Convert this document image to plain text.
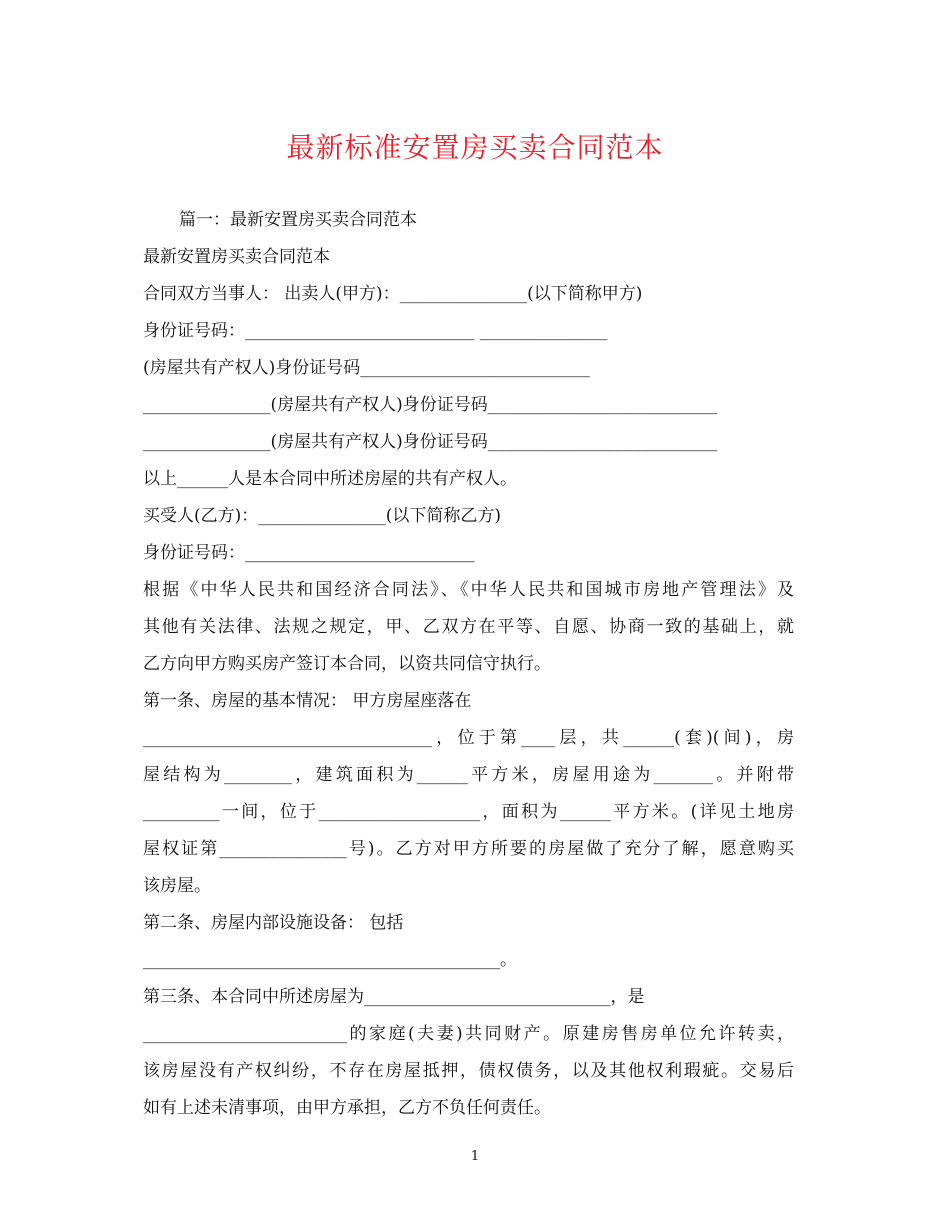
最新标准安置房买卖合同范本
篇一：最新安置房买卖合同范本
最新安置房买卖合同范本
合同双方当事人： 出卖人(甲方)：_______________(以下简称甲方)
身份证号码：___________________________ _______________
(房屋共有产权人)身份证号码___________________________
_______________(房屋共有产权人)身份证号码___________________________
_______________(房屋共有产权人)身份证号码___________________________
以上______人是本合同中所述房屋的共有产权人。
买受人(乙方)：_______________(以下简称乙方)
身份证号码：___________________________
根据《中华人民共和国经济合同法》、《中华人民共和国城市房地产管理法》及
其他有关法律、法规之规定，甲、乙双方在平等、自愿、协商一致的基础上，就
乙方向甲方购买房产签订本合同，以资共同信守执行。
第一条、房屋的基本情况： 甲方房屋座落在
__________________________________，位于第____层，共______(套)(间)，房
屋结构为________，建筑面积为______平方米，房屋用途为_______。并附带
_________一间，位于___________________，面积为______平方米。(详见土地房
屋权证第_______________号)。乙方对甲方所要的房屋做了充分了解，愿意购买
该房屋。
第二条、房屋内部设施设备： 包括
__________________________________________。
第三条、本合同中所述房屋为_____________________________，是
________________________的家庭(夫妻)共同财产。原建房售房单位允许转卖，
该房屋没有产权纠纷，不存在房屋抵押，债权债务，以及其他权利瑕疵。交易后
如有上述未清事项，由甲方承担，乙方不负任何责任。
1
